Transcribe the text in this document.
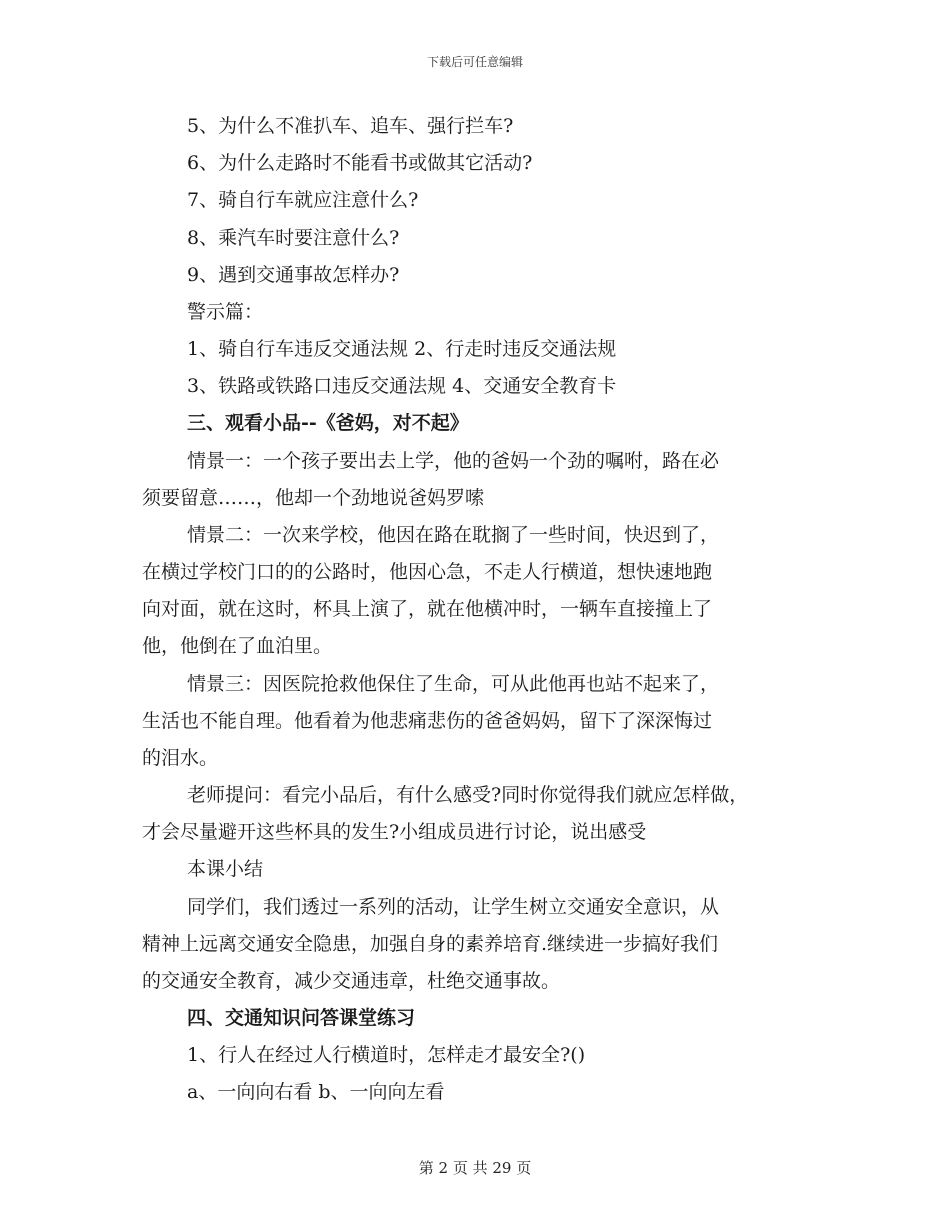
下载后可任意编辑
5、为什么不准扒车、追车、强行拦车?
6、为什么走路时不能看书或做其它活动?
7、骑自行车就应注意什么?
8、乘汽车时要注意什么?
9、遇到交通事故怎样办?
警示篇：
1、骑自行车违反交通法规 2、行走时违反交通法规
3、铁路或铁路口违反交通法规 4、交通安全教育卡
三、观看小品--《爸妈，对不起》
情景一：一个孩子要出去上学，他的爸妈一个劲的嘱咐，路在必
须要留意……，他却一个劲地说爸妈罗嗦
情景二：一次来学校，他因在路在耽搁了一些时间，快迟到了，
在横过学校门口的的公路时，他因心急，不走人行横道，想快速地跑
向对面，就在这时，杯具上演了，就在他横冲时，一辆车直接撞上了
他，他倒在了血泊里。
情景三：因医院抢救他保住了生命，可从此他再也站不起来了，
生活也不能自理。他看着为他悲痛悲伤的爸爸妈妈，留下了深深悔过
的泪水。
老师提问：看完小品后，有什么感受?同时你觉得我们就应怎样做，
才会尽量避开这些杯具的发生?小组成员进行讨论，说出感受
本课小结
同学们，我们透过一系列的活动，让学生树立交通安全意识，从
精神上远离交通安全隐患，加强自身的素养培育.继续进一步搞好我们
的交通安全教育，减少交通违章，杜绝交通事故。
四、交通知识问答课堂练习
1、行人在经过人行横道时，怎样走才最安全?()
a、一向向右看 b、一向向左看
第 2 页 共 29 页
